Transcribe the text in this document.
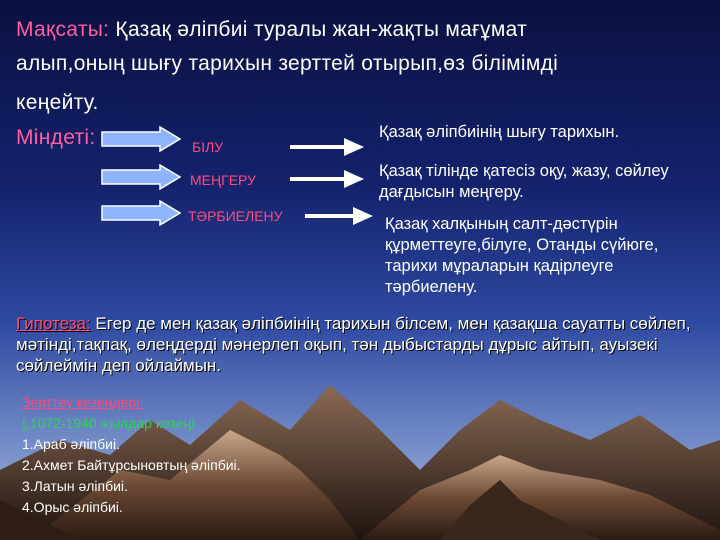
Мақсаты: Қазақ әліпбиі туралы жан-жақты мағұмат
алып,оның шығу тарихын зерттей отырып,өз білімімді
кеңейту.
Міндеті:	БІЛУ
МЕҢГЕРУ
ТӘРБИЕЛЕНУ
Қазақ әліпбиінің шығу тарихын.
Қазақ тілінде қатесіз оқу, жазу, сөйлеу дағдысын меңгеру.
Қазақ халқының салт-дәстүрін құрметтеуге,білуге, Отанды сүйюге, тарихи мұраларын қадірлеуге тәрбиелену.
Гипотеза: Егер де мен қазақ әліпбиінің тарихын білсем, мен қазақша сауатты сөйлеп, мәтінді,тақпақ, өлеңдерді мәнерлеп оқып, тән дыбыстарды дұрыс айтып, ауызекі сөйлеймін деп ойлаймын.
Зерттеу кезеңдері:
I.1072-1940 жылдар кезеңі.
1.Араб әліпбиі.
2.Ахмет Байтұрсыновтың әліпбиі.
3.Латын әліпбиі.
4.Орыс әліпбиі.
